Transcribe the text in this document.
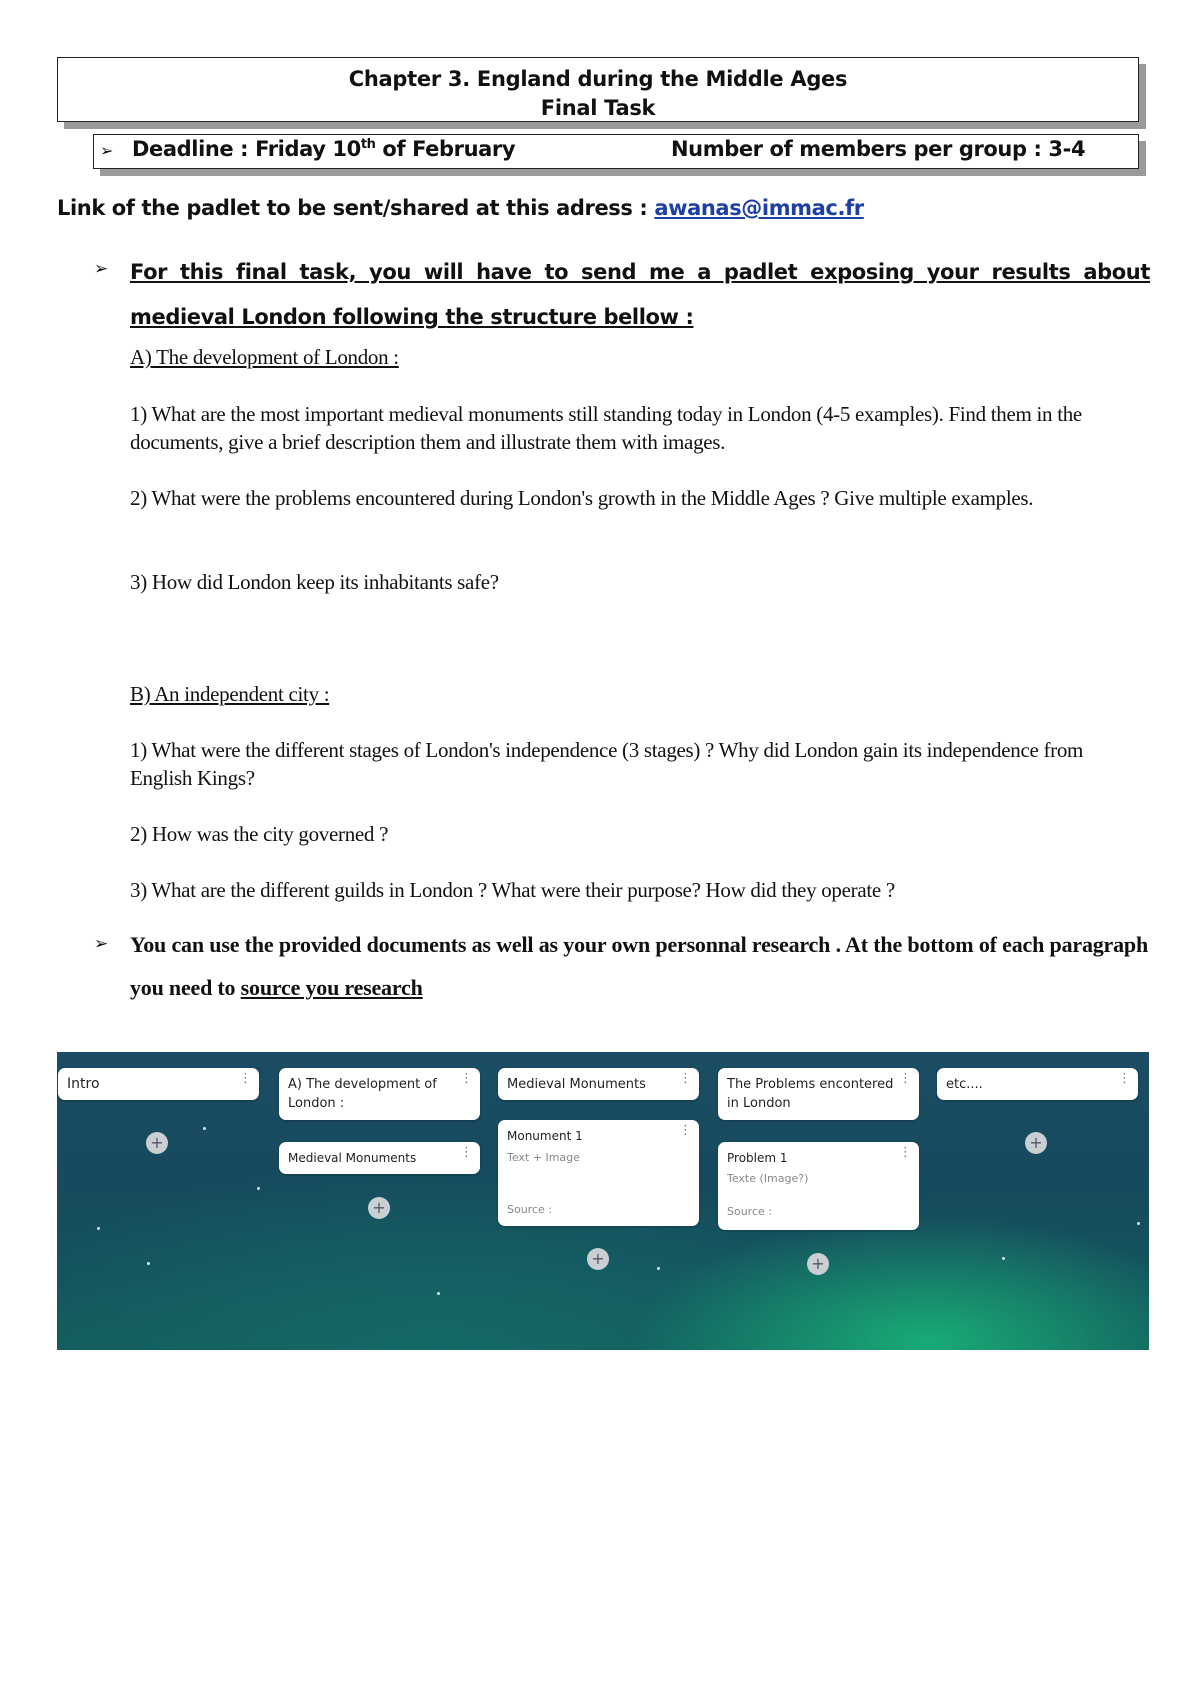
Chapter 3. England during the Middle Ages
Final Task
➢ Deadline : Friday 10th of February	Number of members per group : 3-4
Link of the padlet to be sent/shared at this adress : awanas@immac.fr
➢ For this final task, you will have to send me a padlet exposing your results about medieval London following the structure bellow :
A) The development of London :
1) What are the most important medieval monuments still standing today in London (4-5 examples). Find them in the documents, give a brief description them and illustrate them with images.
2) What were the problems encountered during London's growth in the Middle Ages ? Give multiple examples.
3) How did London keep its inhabitants safe?
B) An independent city :
1) What were the different stages of London's independence (3 stages) ? Why did London gain its independence from English Kings?
2) How was the city governed ?
3) What are the different guilds in London ? What were their purpose? How did they operate ?
➢ You can use the provided documents as well as your own personnal research . At the bottom of each paragraph you need to source you research
Intro	⋮
+
A) The development of London :
⋮
Medieval Monuments	⋮
+
Medieval Monuments	⋮
Monument 1
Text + Image
Source :
⋮
+
The Problems encontered in London
⋮
Problem 1
Texte (Image?)
Source :
⋮
+
etc....	⋮
+
